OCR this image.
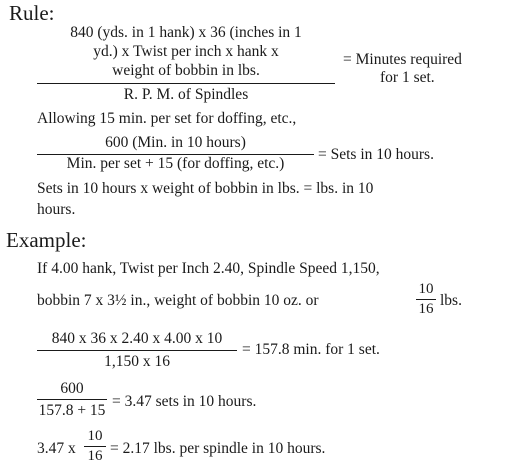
Rule:
840 (yds. in 1 hank) x 36 (inches in 1
yd.) x Twist per inch x hank x
weight of bobbin in lbs.
R. P. M. of Spindles
= Minutes required
for 1 set.
Allowing 15 min. per set for doffing, etc.,
600 (Min. in 10 hours)
Min. per set + 15 (for doffing, etc.)
= Sets in 10 hours.
Sets in 10 hours x weight of bobbin in lbs. = lbs. in 10
hours.
Example:
If 4.00 hank, Twist per Inch 2.40, Spindle Speed 1,150,
bobbin 7 x 3½ in., weight of bobbin 10 oz. or	$\frac{10}{16}$ lbs.
840 x 36 x 2.40 x 4.00 x 10
1,150 x 16
= 157.8 min. for 1 set.
600
157.8 + 15
= 3.47 sets in 10 hours.
3.47 x $\frac{10}{16} = 2.17$ lbs. per spindle in 10 hours.
